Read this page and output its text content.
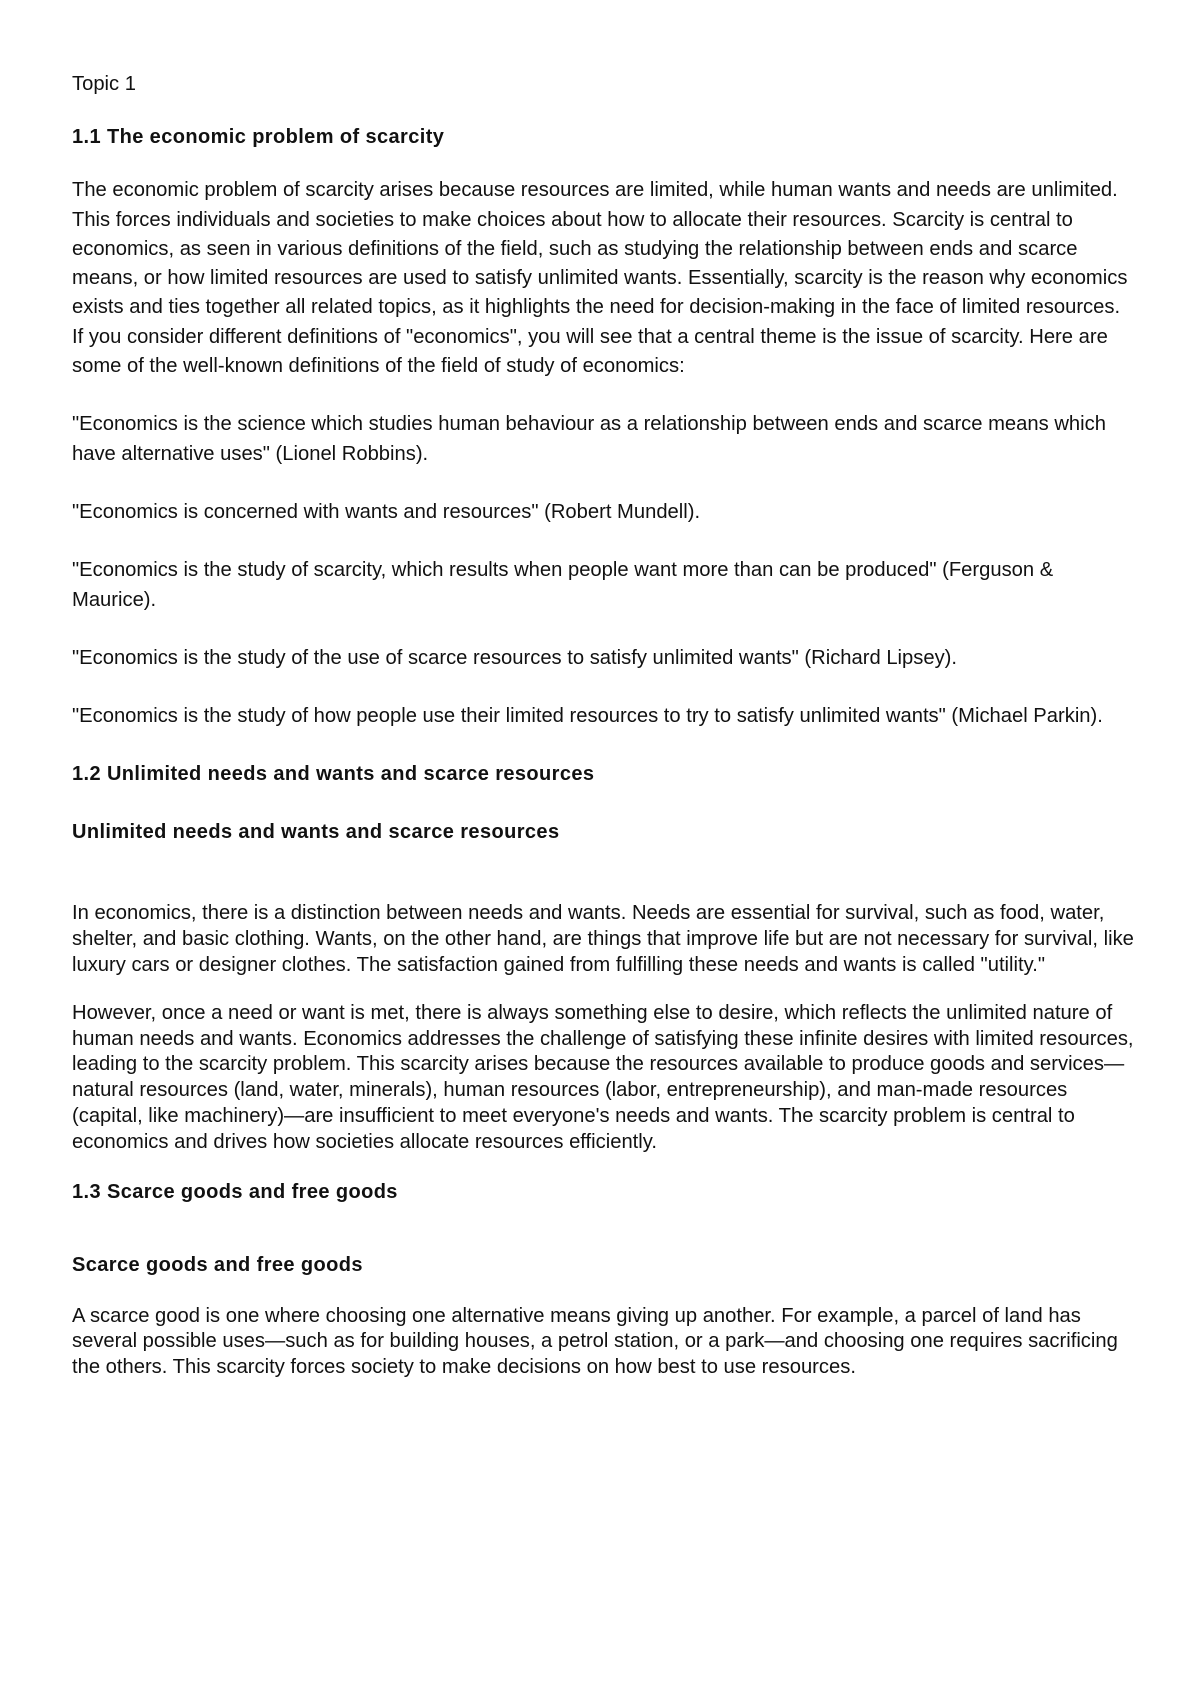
Topic 1

1.1 The economic problem of scarcity

The economic problem of scarcity arises because resources are limited, while human wants and needs are unlimited. This forces individuals and societies to make choices about how to allocate their resources. Scarcity is central to economics, as seen in various definitions of the field, such as studying the relationship between ends and scarce means, or how limited resources are used to satisfy unlimited wants. Essentially, scarcity is the reason why economics exists and ties together all related topics, as it highlights the need for decision-making in the face of limited resources.

If you consider different definitions of "economics", you will see that a central theme is the issue of scarcity. Here are some of the well-known definitions of the field of study of economics:

"Economics is the science which studies human behaviour as a relationship between ends and scarce means which have alternative uses" (Lionel Robbins).

"Economics is concerned with wants and resources" (Robert Mundell).

"Economics is the study of scarcity, which results when people want more than can be produced" (Ferguson & Maurice).

"Economics is the study of the use of scarce resources to satisfy unlimited wants" (Richard Lipsey).

"Economics is the study of how people use their limited resources to try to satisfy unlimited wants" (Michael Parkin).

1.2 Unlimited needs and wants and scarce resources
Unlimited needs and wants and scarce resources

In economics, there is a distinction between needs and wants. Needs are essential for survival, such as food, water, shelter, and basic clothing. Wants, on the other hand, are things that improve life but are not necessary for survival, like luxury cars or designer clothes. The satisfaction gained from fulfilling these needs and wants is called "utility."

However, once a need or want is met, there is always something else to desire, which reflects the unlimited nature of human needs and wants. Economics addresses the challenge of satisfying these infinite desires with limited resources, leading to the scarcity problem. This scarcity arises because the resources available to produce goods and services—natural resources (land, water, minerals), human resources (labor, entrepreneurship), and man-made resources (capital, like machinery)—are insufficient to meet everyone's needs and wants. The scarcity problem is central to economics and drives how societies allocate resources efficiently.

1.3 Scarce goods and free goods
Scarce goods and free goods

A scarce good is one where choosing one alternative means giving up another. For example, a parcel of land has several possible uses—such as for building houses, a petrol station, or a park—and choosing one requires sacrificing the others. This scarcity forces society to make decisions on how best to use resources.
